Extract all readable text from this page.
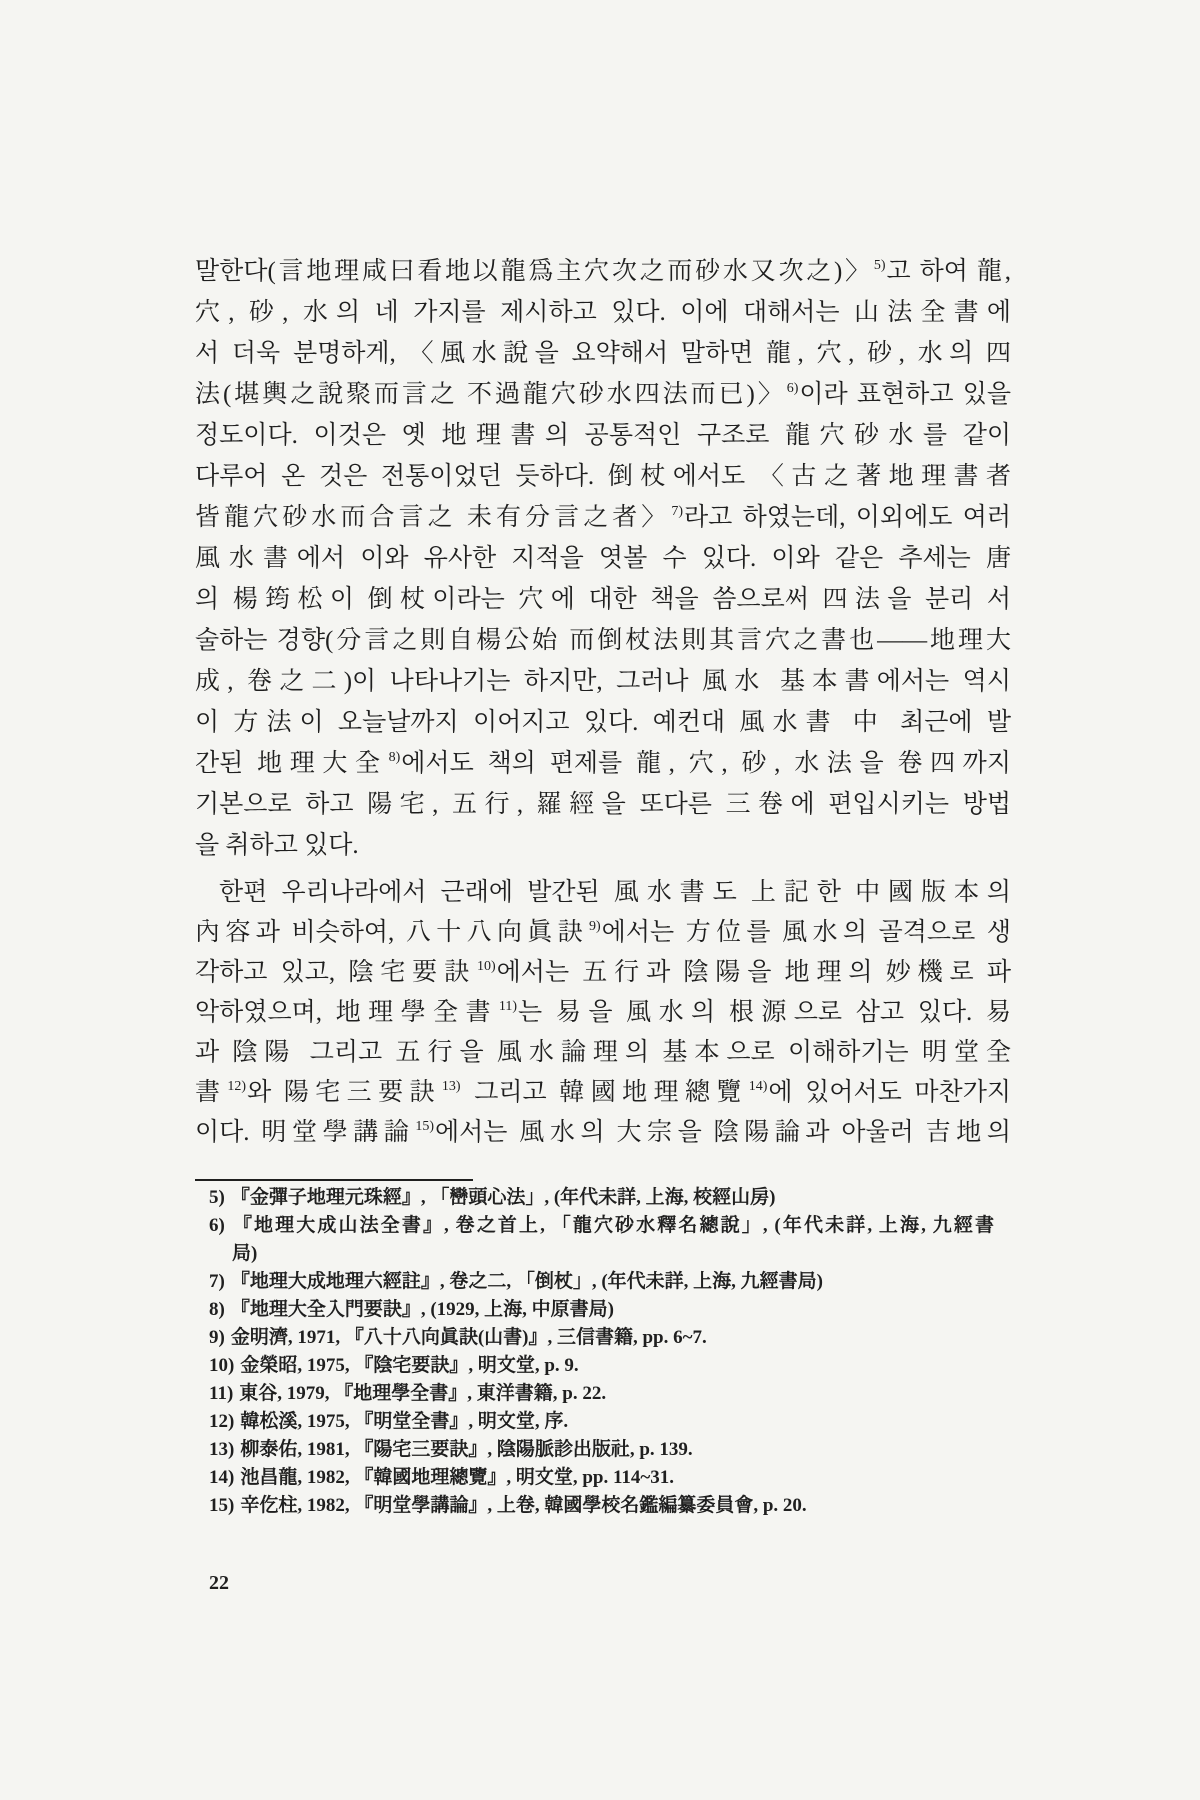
말한다(言地理咸曰看地以龍爲主穴次之而砂水又次之)〉$^{5)}$고 하여 龍,
穴, 砂, 水의 네 가지를 제시하고 있다. 이에 대해서는 山法全書에
서 더욱 분명하게, 〈風水說을 요약해서 말하면 龍, 穴, 砂, 水의 四
法(堪輿之說聚而言之 不過龍穴砂水四法而已)〉$^{6)}$이라 표현하고 있을
정도이다. 이것은 옛 地理書의 공통적인 구조로 龍穴砂水를 같이
다루어 온 것은 전통이었던 듯하다. 倒杖에서도 〈古之著地理書者
皆龍穴砂水而合言之 未有分言之者〉$^{7)}$라고 하였는데, 이외에도 여러
風水書에서 이와 유사한 지적을 엿볼 수 있다. 이와 같은 추세는 唐
의 楊筠松이 倒杖이라는 穴에 대한 책을 씀으로써 四法을 분리 서
술하는 경향(分言之則自楊公始 而倒杖法則其言穴之書也——地理大
成, 卷之二)이 나타나기는 하지만, 그러나 風水 基本書에서는 역시
이 方法이 오늘날까지 이어지고 있다. 예컨대 風水書 中 최근에 발
간된 地理大全$^{8)}$에서도 책의 편제를 龍, 穴, 砂, 水法을 卷四까지
기본으로 하고 陽宅, 五行, 羅經을 또다른 三卷에 편입시키는 방법
을 취하고 있다.
한편 우리나라에서 근래에 발간된 風水書도 上記한 中國版本의
內容과 비슷하여, 八十八向眞訣$^{9)}$에서는 方位를 風水의 골격으로 생
각하고 있고, 陰宅要訣$^{10)}$에서는 五行과 陰陽을 地理의 妙機로 파
악하였으며, 地理學全書$^{11)}$는 易을 風水의 根源으로 삼고 있다. 易
과 陰陽 그리고 五行을 風水論理의 基本으로 이해하기는 明堂全
書$^{12)}$와 陽宅三要訣$^{13)}$ 그리고 韓國地理總覽$^{14)}$에 있어서도 마찬가지
이다. 明堂學講論$^{15)}$에서는 風水의 大宗을 陰陽論과 아울러 吉地의
5) 『金彈子地理元珠經』, 「巒頭心法」, (年代未詳, 上海, 校經山房)
6) 『地理大成山法全書』, 卷之首上, 「龍穴砂水釋名總說」, (年代未詳, 上海, 九經書
局)
7) 『地理大成地理六經註』, 卷之二, 「倒杖」, (年代未詳, 上海, 九經書局)
8) 『地理大全入門要訣』, (1929, 上海, 中原書局)
9) 金明濟, 1971, 『八十八向眞訣(山書)』, 三信書籍, pp. 6~7.
10) 金榮昭, 1975, 『陰宅要訣』, 明文堂, p. 9.
11) 東谷, 1979, 『地理學全書』, 東洋書籍, p. 22.
12) 韓松溪, 1975, 『明堂全書』, 明文堂, 序.
13) 柳泰佑, 1981, 『陽宅三要訣』, 陰陽脈診出版社, p. 139.
14) 池昌龍, 1982, 『韓國地理總覽』, 明文堂, pp. 114~31.
15) 辛仡柱, 1982, 『明堂學講論』, 上卷, 韓國學校名鑑編纂委員會, p. 20.
22
